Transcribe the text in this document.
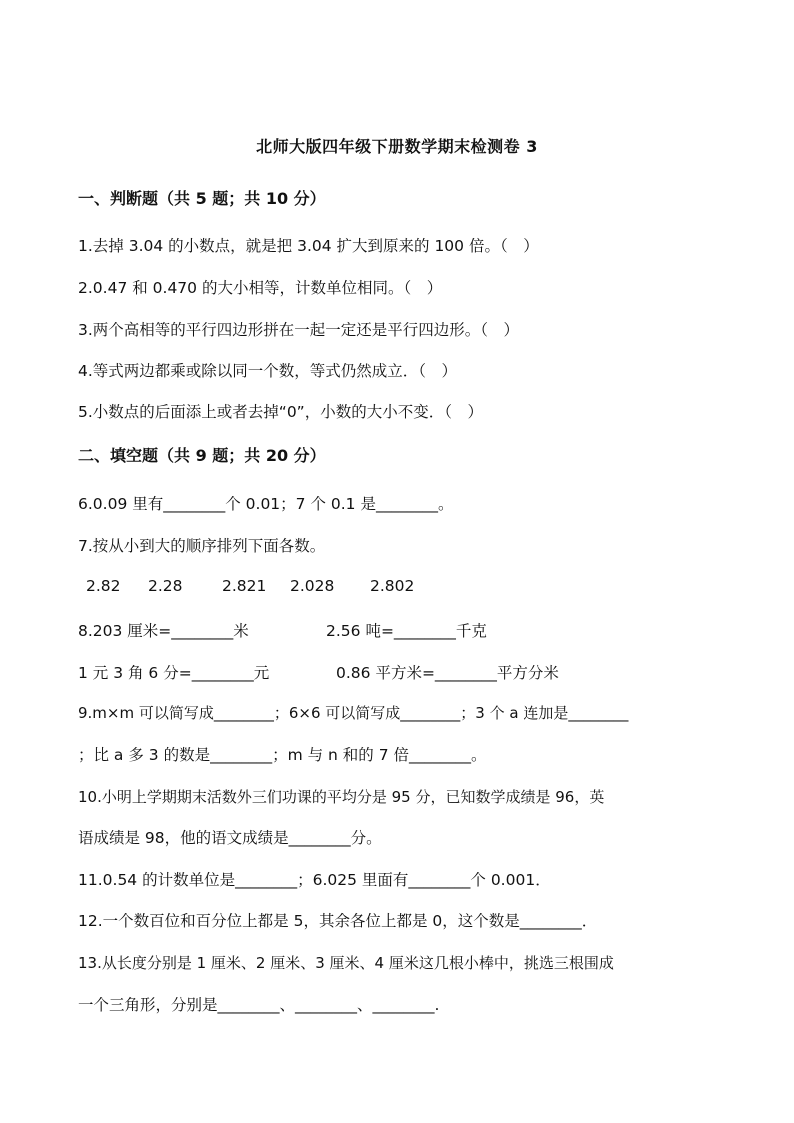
北师大版四年级下册数学期末检测卷 3
一、判断题（共 5 题；共 10 分）
1.去掉 3.04 的小数点，就是把 3.04 扩大到原来的 100 倍。（　）
2.0.47 和 0.470 的大小相等，计数单位相同。（　）
3.两个高相等的平行四边形拼在一起一定还是平行四边形。（　）
4.等式两边都乘或除以同一个数，等式仍然成立．（　）
5.小数点的后面添上或者去掉“0”，小数的大小不变．（　）
二、填空题（共 9 题；共 20 分）
6.0.09 里有________个 0.01；7 个 0.1 是________。
7.按从小到大的顺序排列下面各数。
2.82 2.28	2.821 2.028 2.802
8.203 厘米=________米	2.56 吨=________千克
1 元 3 角 6 分=________元	0.86 平方米=________平方分米
9.m×m 可以简写成________；6×6 可以简写成________；3 个 a 连加是________
；比 a 多 3 的数是________；m 与 n 和的 7 倍________。
10.小明上学期期末活数外三们功课的平均分是 95 分，已知数学成绩是 96，英
语成绩是 98，他的语文成绩是________分。
11.0.54 的计数单位是________；6.025 里面有________个 0.001．
12.一个数百位和百分位上都是 5，其余各位上都是 0，这个数是________．
13.从长度分别是 1 厘米、2 厘米、3 厘米、4 厘米这几根小棒中，挑选三根围成
一个三角形，分别是________、________、________.
